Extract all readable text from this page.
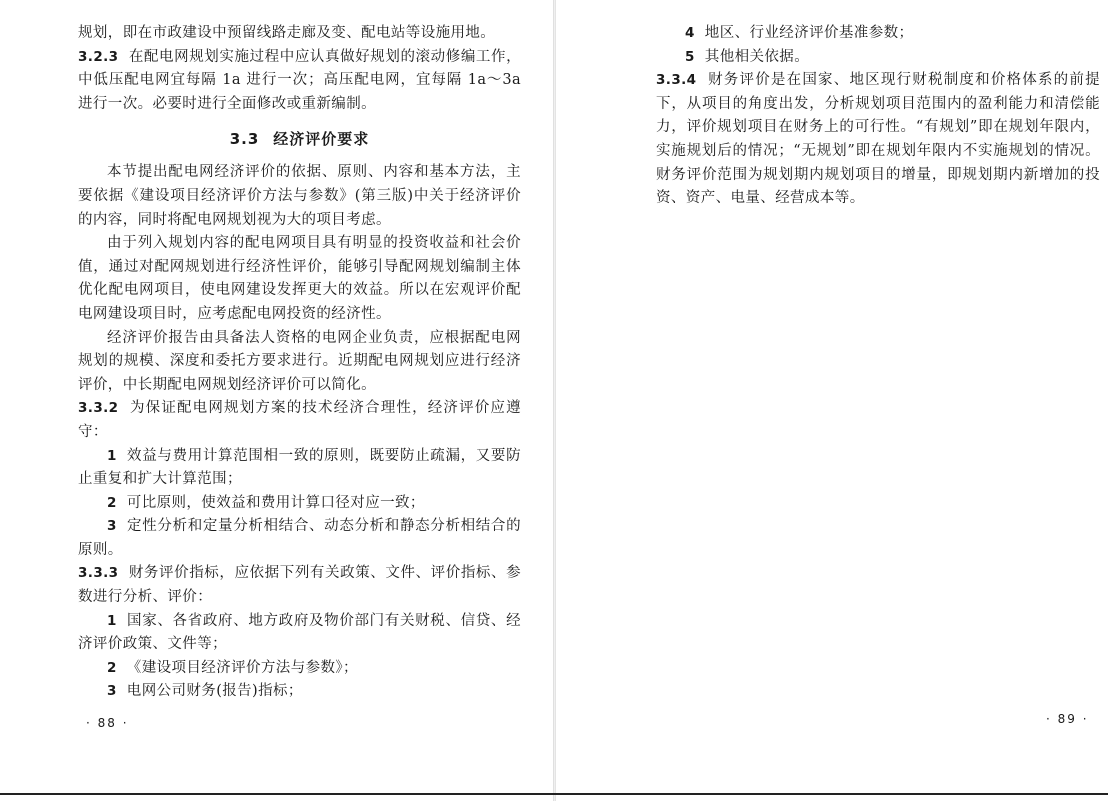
规划，即在市政建设中预留线路走廊及变、配电站等设施用地。

3.2.3 在配电网规划实施过程中应认真做好规划的滚动修编工作，中低压配电网宜每隔 1a 进行一次；高压配电网，宜每隔 1a～3a 进行一次。必要时进行全面修改或重新编制。

3.3 经济评价要求

本节提出配电网经济评价的依据、原则、内容和基本方法，主要依据《建设项目经济评价方法与参数》(第三版)中关于经济评价的内容，同时将配电网规划视为大的项目考虑。

由于列入规划内容的配电网项目具有明显的投资收益和社会价值，通过对配网规划进行经济性评价，能够引导配网规划编制主体优化配电网项目，使电网建设发挥更大的效益。所以在宏观评价配电网建设项目时，应考虑配电网投资的经济性。

经济评价报告由具备法人资格的电网企业负责，应根据配电网规划的规模、深度和委托方要求进行。近期配电网规划应进行经济评价，中长期配电网规划经济评价可以简化。

3.3.2 为保证配电网规划方案的技术经济合理性，经济评价应遵守：

1 效益与费用计算范围相一致的原则，既要防止疏漏，又要防止重复和扩大计算范围；

2 可比原则，使效益和费用计算口径对应一致；

3 定性分析和定量分析相结合、动态分析和静态分析相结合的原则。

3.3.3 财务评价指标，应依据下列有关政策、文件、评价指标、参数进行分析、评价：

1 国家、各省政府、地方政府及物价部门有关财税、信贷、经济评价政策、文件等；

2 《建设项目经济评价方法与参数》；

3 电网公司财务(报告)指标；

4 地区、行业经济评价基准参数；

5 其他相关依据。

3.3.4 财务评价是在国家、地区现行财税制度和价格体系的前提下，从项目的角度出发，分析规划项目范围内的盈利能力和清偿能力，评价规划项目在财务上的可行性。“有规划”即在规划年限内，实施规划后的情况；“无规划”即在规划年限内不实施规划的情况。财务评价范围为规划期内规划项目的增量，即规划期内新增加的投资、资产、电量、经营成本等。

· 88 ·	· 89 ·
